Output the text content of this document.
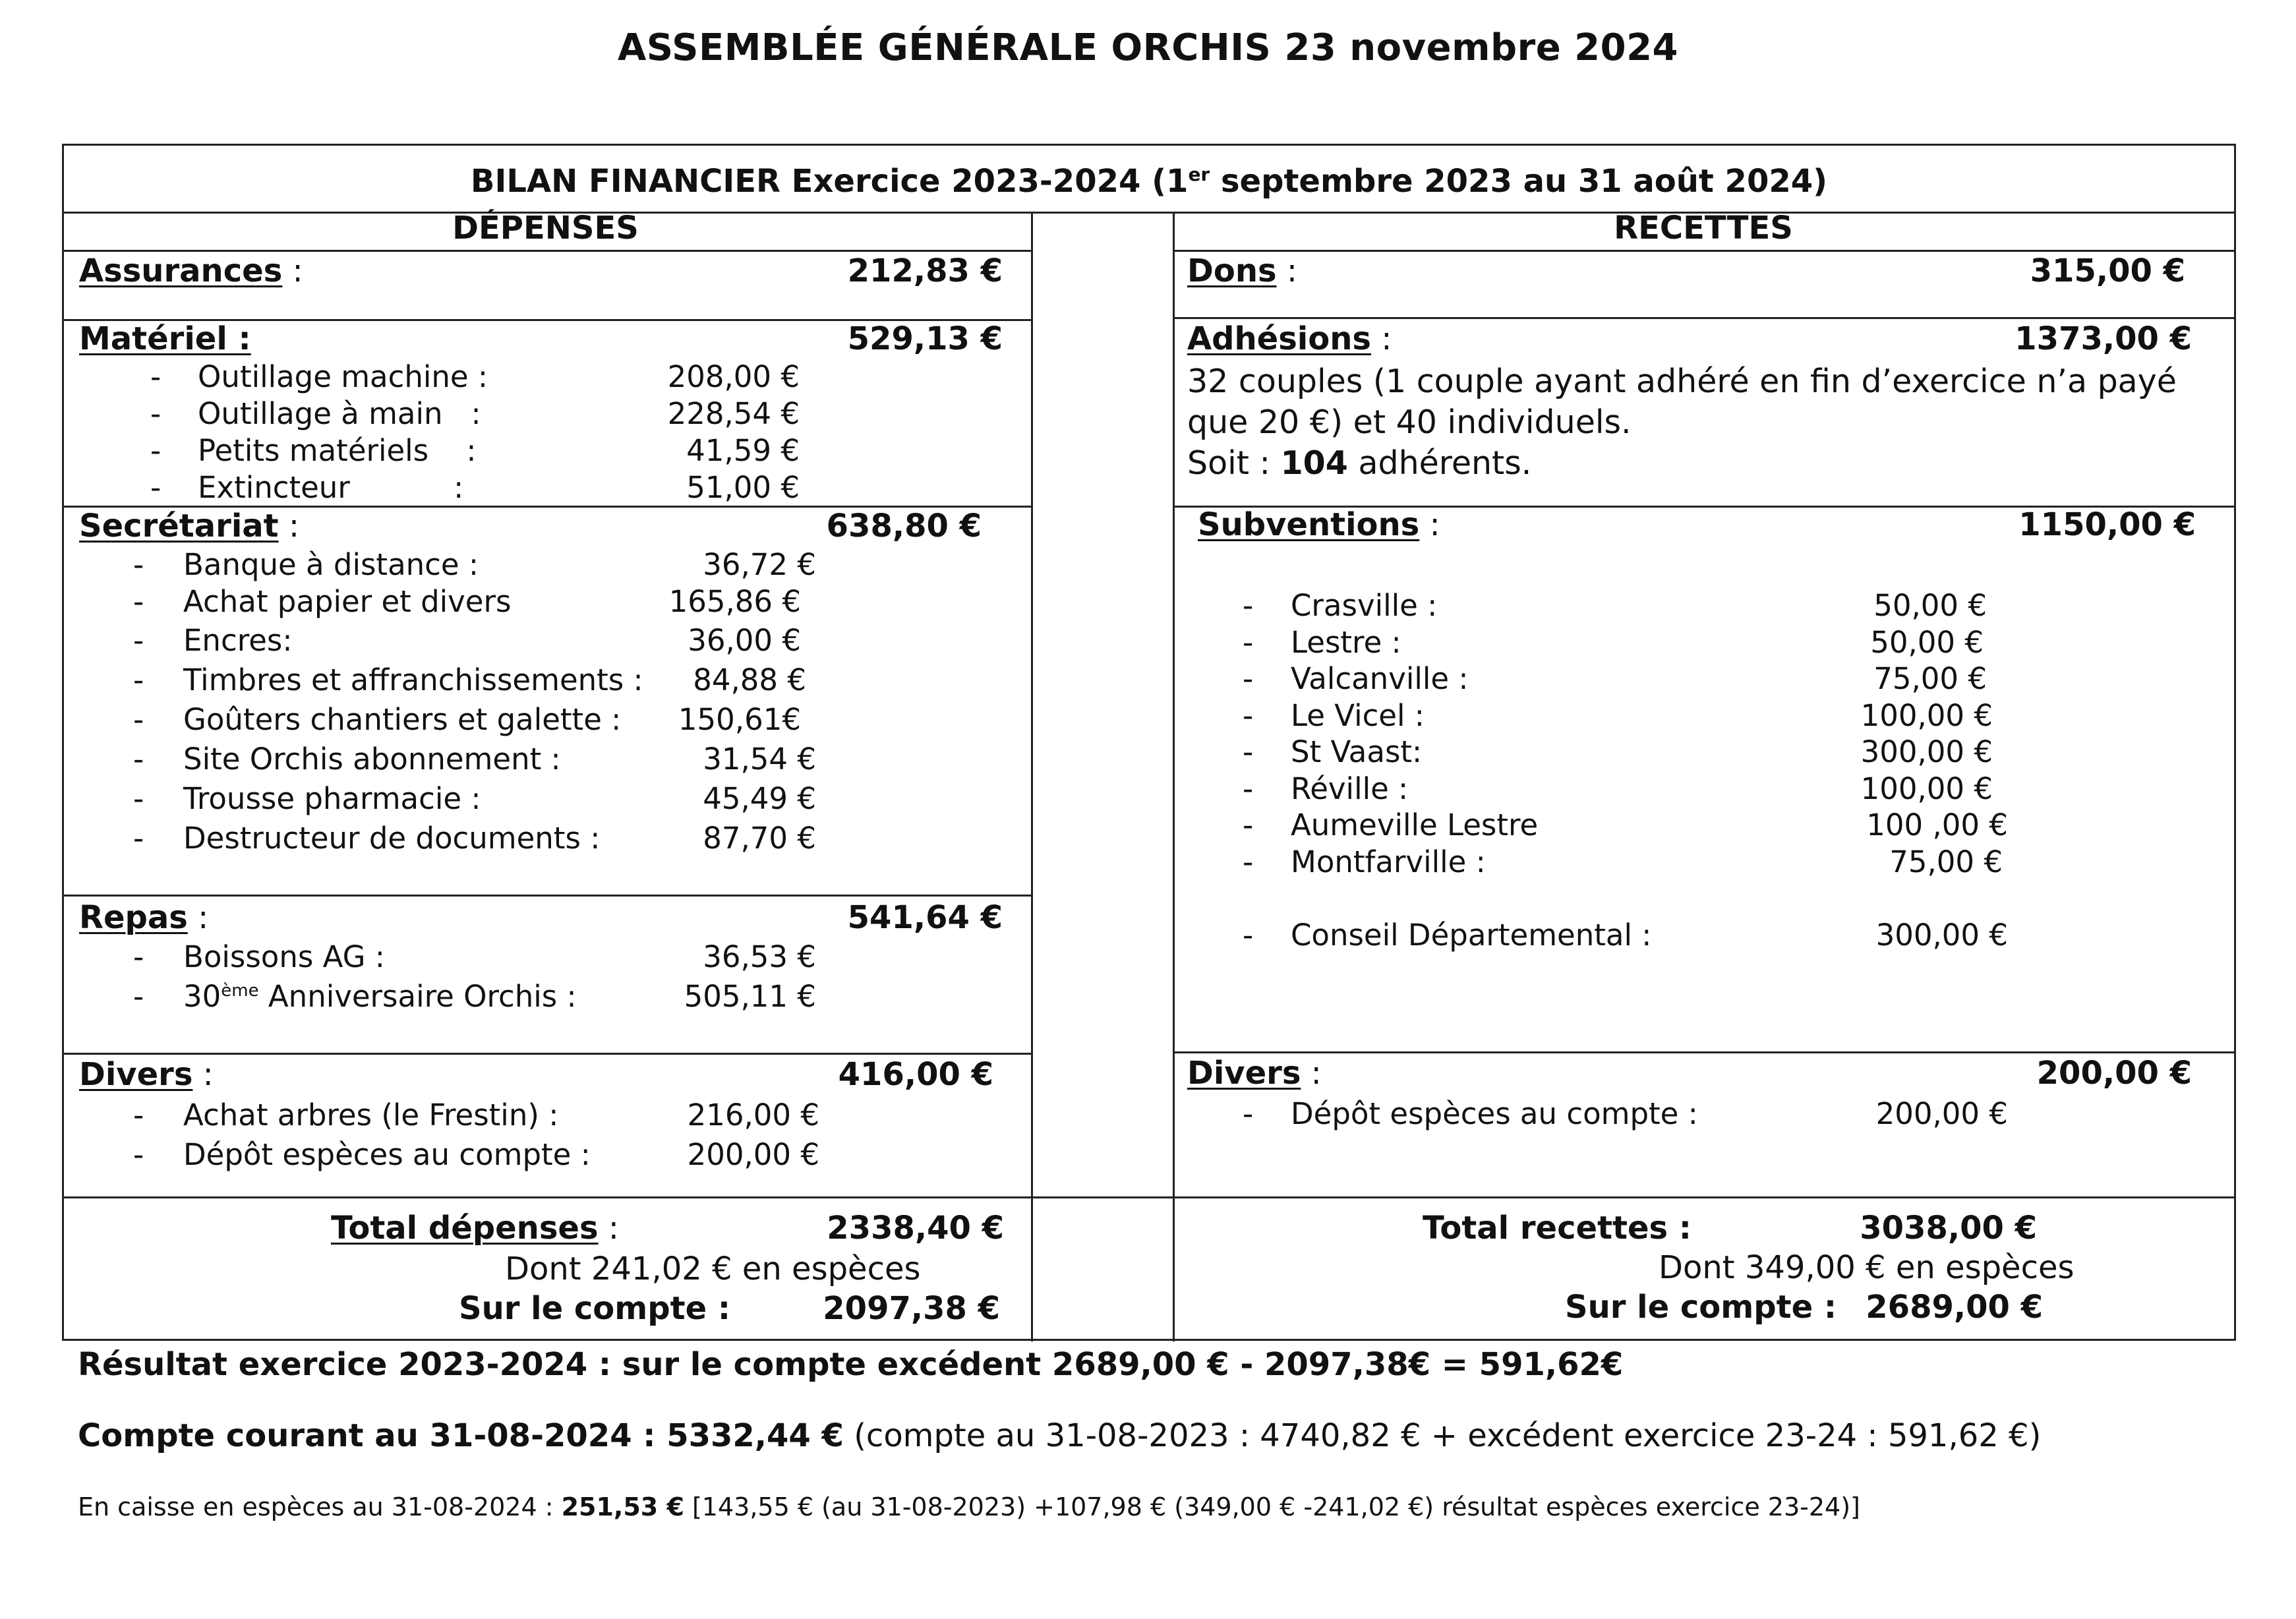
ASSEMBLÉE GÉNÉRALE ORCHIS 23 novembre 2024
BILAN FINANCIER Exercice 2023-2024 (1er septembre 2023 au 31 août 2024)
DÉPENSES	RECETTES
Assurances :	212,83 €
Matériel :	529,13 €
- Outillage machine :	208,00 €
- Outillage à main   :	228,54 €
- Petits matériels    :	41,59 €
- Extincteur           :	51,00 €
Secrétariat :	638,80 €
- Banque à distance :	36,72 €
- Achat papier et divers	165,86 €
- Encres:	36,00 €
- Timbres et affranchissements : 84,88 €
- Goûters chantiers et galette : 150,61€
- Site Orchis abonnement :	31,54 €
- Trousse pharmacie :	45,49 €
- Destructeur de documents :	87,70 €
Repas :	541,64 €
- Boissons AG :	36,53 €
- 30ème Anniversaire Orchis :	505,11 €
Divers :	416,00 €
- Achat arbres (le Frestin) :	216,00 €
- Dépôt espèces au compte :	200,00 €
Total dépenses :	2338,40 €
Dont 241,02 € en espèces
Sur le compte :	2097,38 €
Dons :	315,00 €
Adhésions :	1373,00 €
32 couples (1 couple ayant adhéré en fin d’exercice n’a payé
que 20 €) et 40 individuels.
Soit : 104 adhérents.
Subventions :	1150,00 €
- Crasville :	50,00 €
- Lestre :	50,00 €
- Valcanville :	75,00 €
- Le Vicel :	100,00 €
- St Vaast:	300,00 €
- Réville :	100,00 €
- Aumeville Lestre	100 ,00 €
- Montfarville :	75,00 €
- Conseil Départemental :	300,00 €
Divers :	200,00 €
- Dépôt espèces au compte :	200,00 €
Total recettes :	3038,00 €
Dont 349,00 € en espèces
Sur le compte : 2689,00 €
Résultat exercice 2023-2024 : sur le compte excédent 2689,00 € - 2097,38€ = 591,62€
Compte courant au 31-08-2024 : 5332,44 € (compte au 31-08-2023 : 4740,82 € + excédent exercice 23-24 : 591,62 €)
En caisse en espèces au 31-08-2024 : 251,53 € [143,55 € (au 31-08-2023) +107,98 € (349,00 € -241,02 €) résultat espèces exercice 23-24)]
